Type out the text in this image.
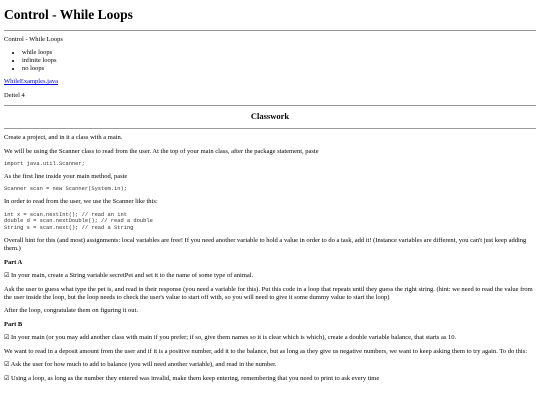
Control - While Loops

Control - While Loops

• while loops
• infinite loops
• no loops

WhileExamples.java

Deitel 4

Classwork

Create a project, and in it a class with a main.

We will be using the Scanner class to read from the user. At the top of your main class, after the package statement, paste

import java.util.Scanner;

As the first line inside your main method, paste

Scanner scan = new Scanner(System.in);

In order to read from the user, we use the Scanner like this:

int x = scan.nextInt(); // read an int
double d = scan.nextDouble(); // read a double
String s = scan.next(); // read a String

Overall hint for this (and most) assignments: local variables are free! If you need another variable to hold a value in order to do a task, add it! (Instance variables are different, you can't just keep adding them.)

Part A

☑ In your main, create a String variable secretPet and set it to the name of some type of animal.

Ask the user to guess what type the pet is, and read in their response (you need a variable for this). Put this code in a loop that repeats until they guess the right string. (hint: we need to read the value from the user inside the loop, but the loop needs to check the user's value to start off with, so you will need to give it some dummy value to start the loop)

After the loop, congratulate them on figuring it out.

Part B

☑ In your main (or you may add another class with main if you prefer; if so, give them names so it is clear which is which), create a double variable balance, that starts as 10.

We want to read in a deposit amount from the user and if it is a positive number, add it to the balance, but as long as they give us negative numbers, we want to keep asking them to try again. To do this:

☑ Ask the user for how much to add to balance (you will need another variable), and read in the number.

☑ Using a loop, as long as the number they entered was invalid, make them keep entering, remembering that you need to print to ask every time
